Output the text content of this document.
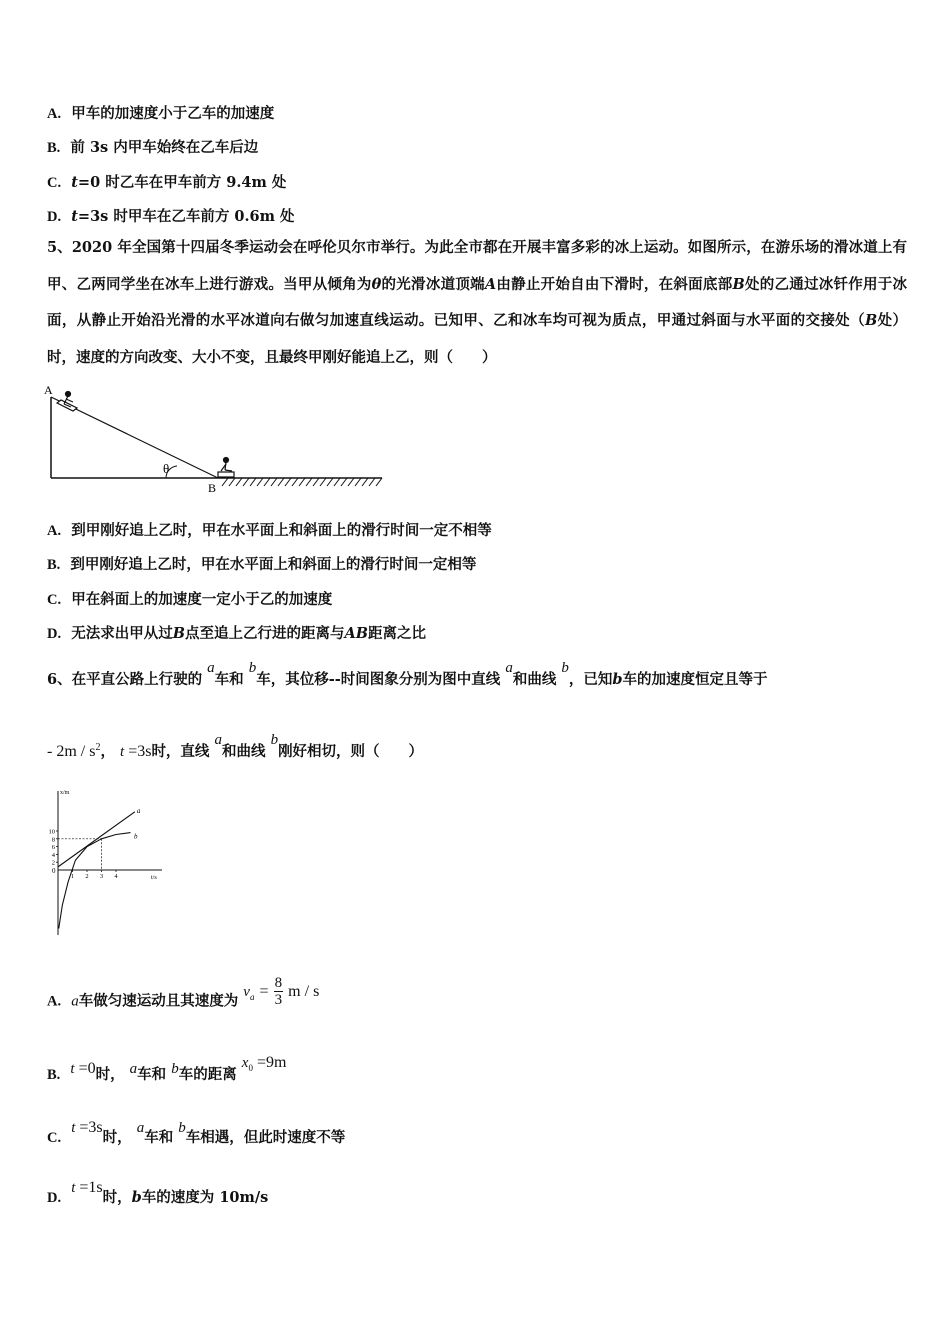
A. 甲车的加速度小于乙车的加速度
B. 前 3s 内甲车始终在乙车后边
C. t=0 时乙车在甲车前方 9.4m 处
D. t=3s 时甲车在乙车前方 0.6m 处
5、2020 年全国第十四届冬季运动会在呼伦贝尔市举行。为此全市都在开展丰富多彩的冰上运动。如图所示，在游乐场的滑冰道上有甲、乙两同学坐在冰车上进行游戏。当甲从倾角为θ的光滑冰道顶端A由静止开始自由下滑时，在斜面底部B处的乙通过冰钎作用于冰面，从静止开始沿光滑的水平冰道向右做匀加速直线运动。已知甲、乙和冰车均可视为质点，甲通过斜面与水平面的交接处（B处）时，速度的方向改变、大小不变，且最终甲刚好能追上乙，则（　　）
θ
A
B
A. 到甲刚好追上乙时，甲在水平面上和斜面上的滑行时间一定不相等
B. 到甲刚好追上乙时，甲在水平面上和斜面上的滑行时间一定相等
C. 甲在斜面上的加速度一定小于乙的加速度
D. 无法求出甲从过B点至追上乙行进的距离与AB距离之比
6、在平直公路上行驶的 a车和 b车，其位移--时间图象分别为图中直线 a和曲线 b，已知b车的加速度恒定且等于
- $2m / s^2$， t =3s时，直线 a和曲线 b刚好相切，则（　　）
x/m
t/s
0
a
b
2
4
6
8
10
1 2 3 4
A. a车做匀速运动且其速度为 $v_a = \frac{8}{3}$ m / s
B. t =0时， a车和 b车的距离 $x_0 =9m$
C.  t =3s时， a车和 b车相遇，但此时速度不等
D.  t =1s时，b车的速度为 10m/s
